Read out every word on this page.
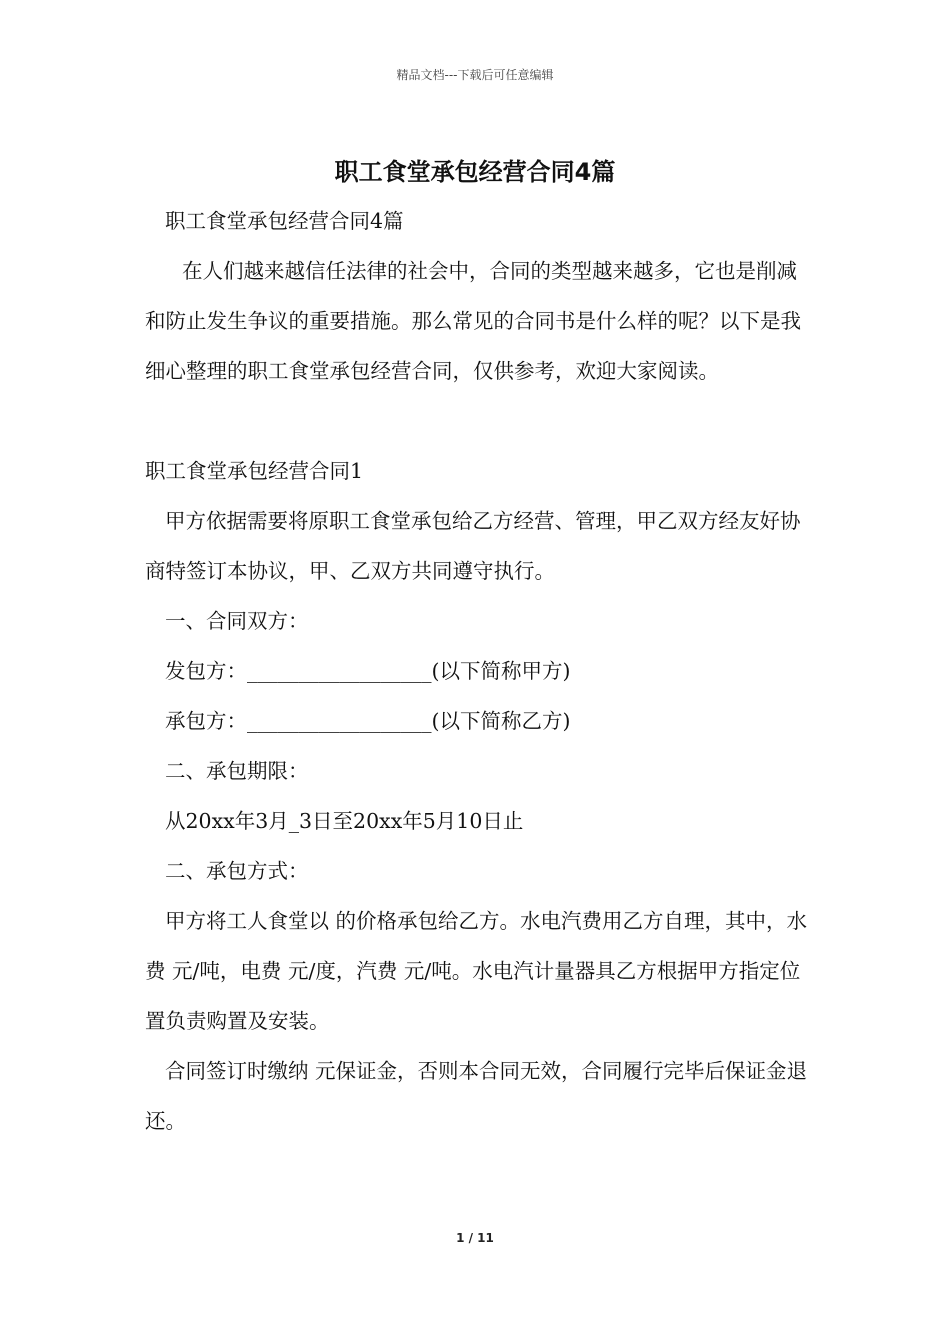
精品文档---下载后可任意编辑
职工食堂承包经营合同4篇

职工食堂承包经营合同4篇

在人们越来越信任法律的社会中，合同的类型越来越多，它也是削减和防止发生争议的重要措施。那么常见的合同书是什么样的呢？以下是我细心整理的职工食堂承包经营合同，仅供参考，欢迎大家阅读。

职工食堂承包经营合同1

甲方依据需要将原职工食堂承包给乙方经营、管理，甲乙双方经友好协商特签订本协议，甲、乙双方共同遵守执行。

一、合同双方：

发包方：__________________(以下简称甲方)

承包方：__________________(以下简称乙方)

二、承包期限：

从20xx年3月_3日至20xx年5月10日止

二、承包方式：

甲方将工人食堂以 的价格承包给乙方。水电汽费用乙方自理，其中，水费 元/吨，电费 元/度，汽费 元/吨。水电汽计量器具乙方根据甲方指定位置负责购置及安装。

合同签订时缴纳 元保证金，否则本合同无效，合同履行完毕后保证金退还。

1 / 11
